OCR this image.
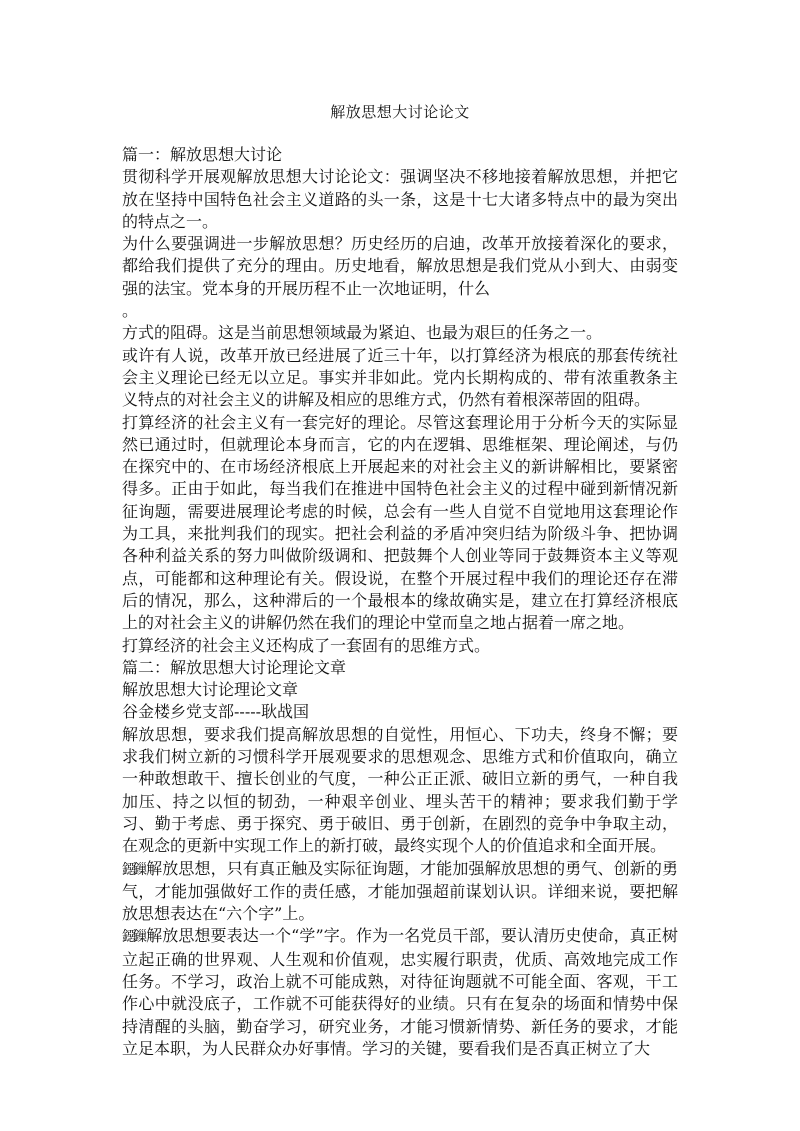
解放思想大讨论论文
篇一：解放思想大讨论
贯彻科学开展观解放思想大讨论论文：强调坚决不移地接着解放思想，并把它放在坚持中国特色社会主义道路的头一条，这是十七大诸多特点中的最为突出的特点之一。
为什么要强调进一步解放思想？历史经历的启迪，改革开放接着深化的要求，都给我们提供了充分的理由。历史地看，解放思想是我们党从小到大、由弱变强的法宝。党本身的开展历程不止一次地证明，什么
。
方式的阻碍。这是当前思想领域最为紧迫、也最为艰巨的任务之一。
或许有人说，改革开放已经进展了近三十年，以打算经济为根底的那套传统社会主义理论已经无以立足。事实并非如此。党内长期构成的、带有浓重教条主义特点的对社会主义的讲解及相应的思维方式，仍然有着根深蒂固的阻碍。
打算经济的社会主义有一套完好的理论。尽管这套理论用于分析今天的实际显然已通过时，但就理论本身而言，它的内在逻辑、思维框架、理论阐述，与仍在探究中的、在市场经济根底上开展起来的对社会主义的新讲解相比，要紧密得多。正由于如此，每当我们在推进中国特色社会主义的过程中碰到新情况新征询题，需要进展理论考虑的时候，总会有一些人自觉不自觉地用这套理论作为工具，来批判我们的现实。把社会利益的矛盾冲突归结为阶级斗争、把协调各种利益关系的努力叫做阶级调和、把鼓舞个人创业等同于鼓舞资本主义等观点，可能都和这种理论有关。假设说，在整个开展过程中我们的理论还存在滞后的情况，那么，这种滞后的一个最根本的缘故确实是，建立在打算经济根底上的对社会主义的讲解仍然在我们的理论中堂而皇之地占据着一席之地。
打算经济的社会主义还构成了一套固有的思维方式。
篇二：解放思想大讨论理论文章
解放思想大讨论理论文章
谷金楼乡党支部-----耿战国
解放思想，要求我们提高解放思想的自觉性，用恒心、下功夫，终身不懈；要求我们树立新的习惯科学开展观要求的思想观念、思维方式和价值取向，确立一种敢想敢干、擅长创业的气度，一种公正正派、破旧立新的勇气，一种自我加压、持之以恒的韧劲，一种艰辛创业、埋头苦干的精神；要求我们勤于学习、勤于考虑、勇于探究、勇于破旧、勇于创新，在剧烈的竞争中争取主动，在观念的更新中实现工作上的新打破，最终实现个人的价值追求和全面开展。
鐚鏁 解放思想，只有真正触及实际征询题，才能加强解放思想的勇气、创新的勇气，才能加强做好工作的责任感，才能加强超前谋划认识。详细来说，要把解放思想表达在“六个字”上。
鐚鏁 解放思想要表达一个“学”字。作为一名党员干部，要认清历史使命，真正树立起正确的世界观、人生观和价值观，忠实履行职责，优质、高效地完成工作任务。不学习，政治上就不可能成熟，对待征询题就不可能全面、客观，干工作心中就没底子，工作就不可能获得好的业绩。只有在复杂的场面和情势中保持清醒的头脑，勤奋学习，研究业务，才能习惯新情势、新任务的要求，才能立足本职，为人民群众办好事情。学习的关键，要看我们是否真正树立了大
